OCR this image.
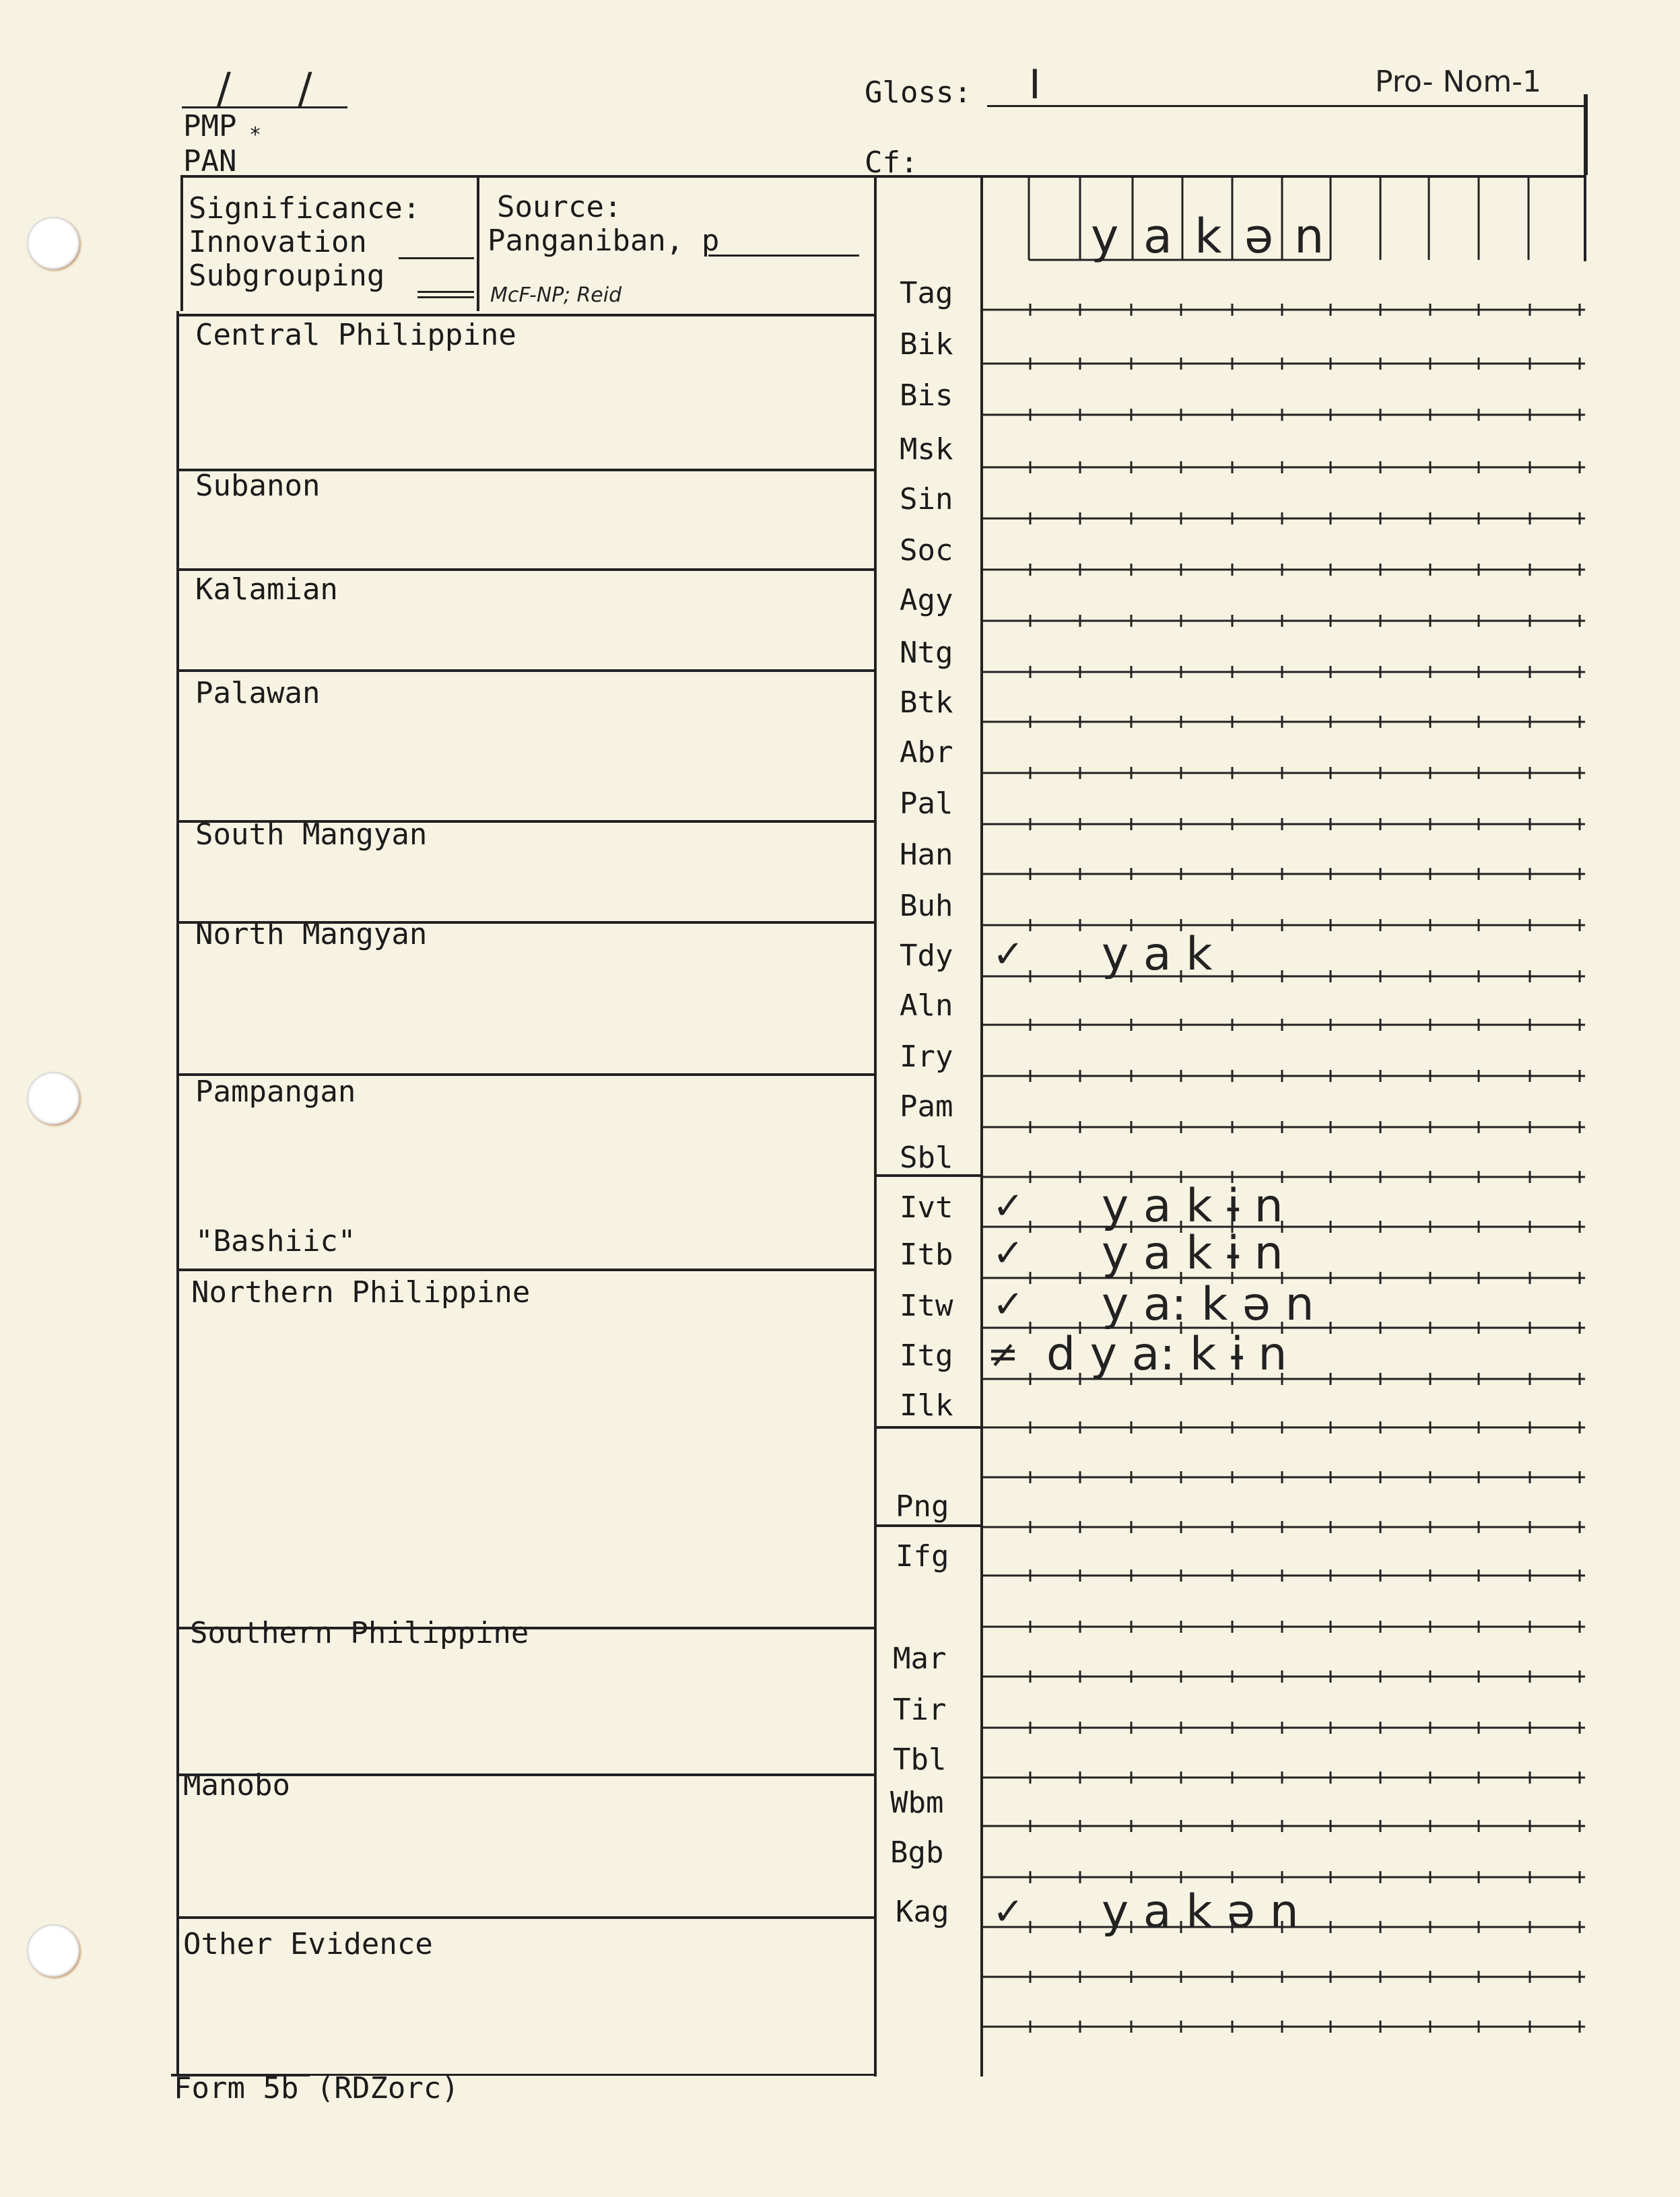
/ /
PMP *
PAN
Gloss: I	Pro- Nom-1
Cf:
Significance:
Innovation
Subgrouping
Source:
Panganiban, p
McF-NP; Reid
Central Philippine
Subanon
Kalamian
Palawan
South Mangyan
North Mangyan
Pampangan
"Bashiic"
Northern Philippine
Southern Philippine
Manobo
Other Evidence
Tag
Bik
Bis
Msk
Sin
Soc
Agy
Ntg
Btk
Abr
Pal
Han
Buh
Tdy
Aln
Iry
Pam
Sbl
Ivt
Itb
Itw
Itg
Ilk
Png
Ifg
Mar
Tir
Tbl
Wbm
Bgb
Kag
y a k ə n
✓ y a k
✓ y a k ɨ n
✓ y a k ɨ n
✓ y a: k ə n
≠ d y a: k ɨ n
✓ y a k ə n
Form 5b (RDZorc)
